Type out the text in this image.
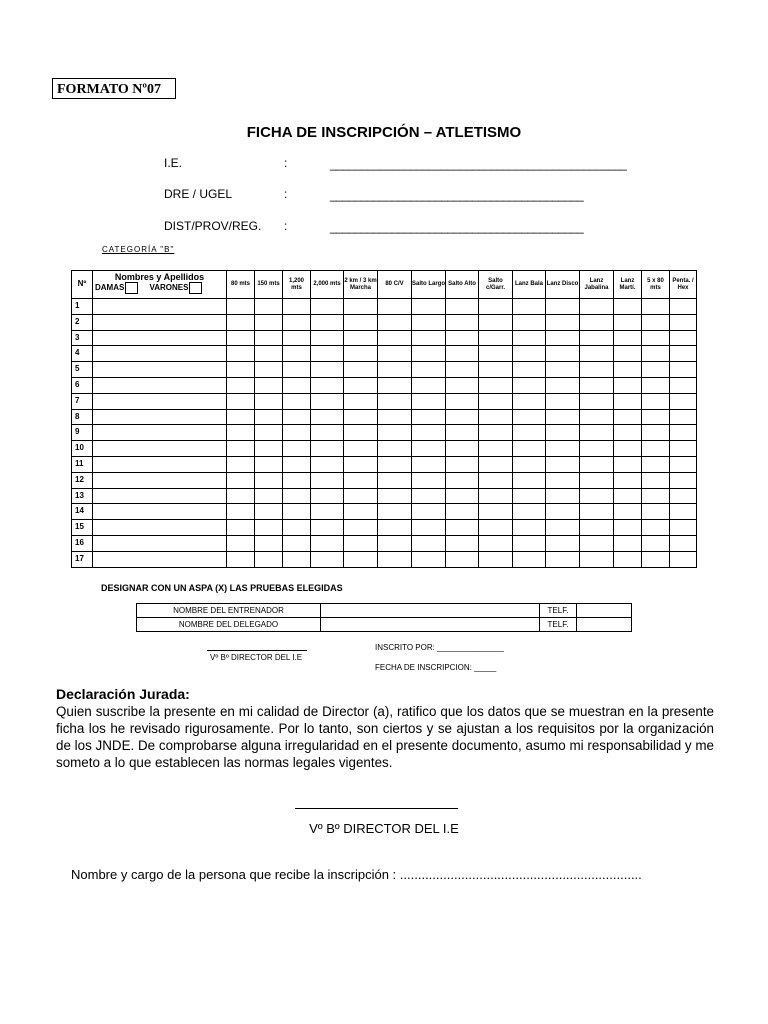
FORMATO Nº07
FICHA DE INSCRIPCIÓN – ATLETISMO
I.E.	:	________________________________________________
DRE / UGEL	:	_________________________________________
DIST/PROV/REG. :	_________________________________________
CATEGORÍA "B"
Nº	Nombres y Apellidos
DAMAS VARONES	80 mts	150 mts	1,200 mts	2,000 mts	2 km / 3 km Marcha	80 C/V	Salto Largo	Salto Alto	Salto c/Garr.	Lanz Bala	Lanz Disco	Lanz Jabalina	Lanz Martí.	5 x 80 mts	Penta. / Hex
1																
2																
3																
4																
5																
6																
7																
8																
9																
10																
11																
12																
13																
14																
15																
16																
17																
DESIGNAR CON UN ASPA (X) LAS PRUEBAS ELEGIDAS
NOMBRE DEL ENTRENADOR		TELF.	
NOMBRE DEL DELEGADO		TELF.	
INSCRITO POR: _______________
Vº Bº DIRECTOR DEL I.E
FECHA DE INSCRIPCION: _____
Declaración Jurada:
Quien suscribe la presente en mi calidad de Director (a), ratifico que los datos que se muestran en la presente ficha los he revisado rigurosamente. Por lo tanto, son ciertos y se ajustan a los requisitos por la organización de los JNDE. De comprobarse alguna irregularidad en el presente documento, asumo mi responsabilidad y me someto a lo que establecen las normas legales vigentes.
Vº Bº DIRECTOR DEL I.E
Nombre y cargo de la persona que recibe la inscripción : ...................................................................
